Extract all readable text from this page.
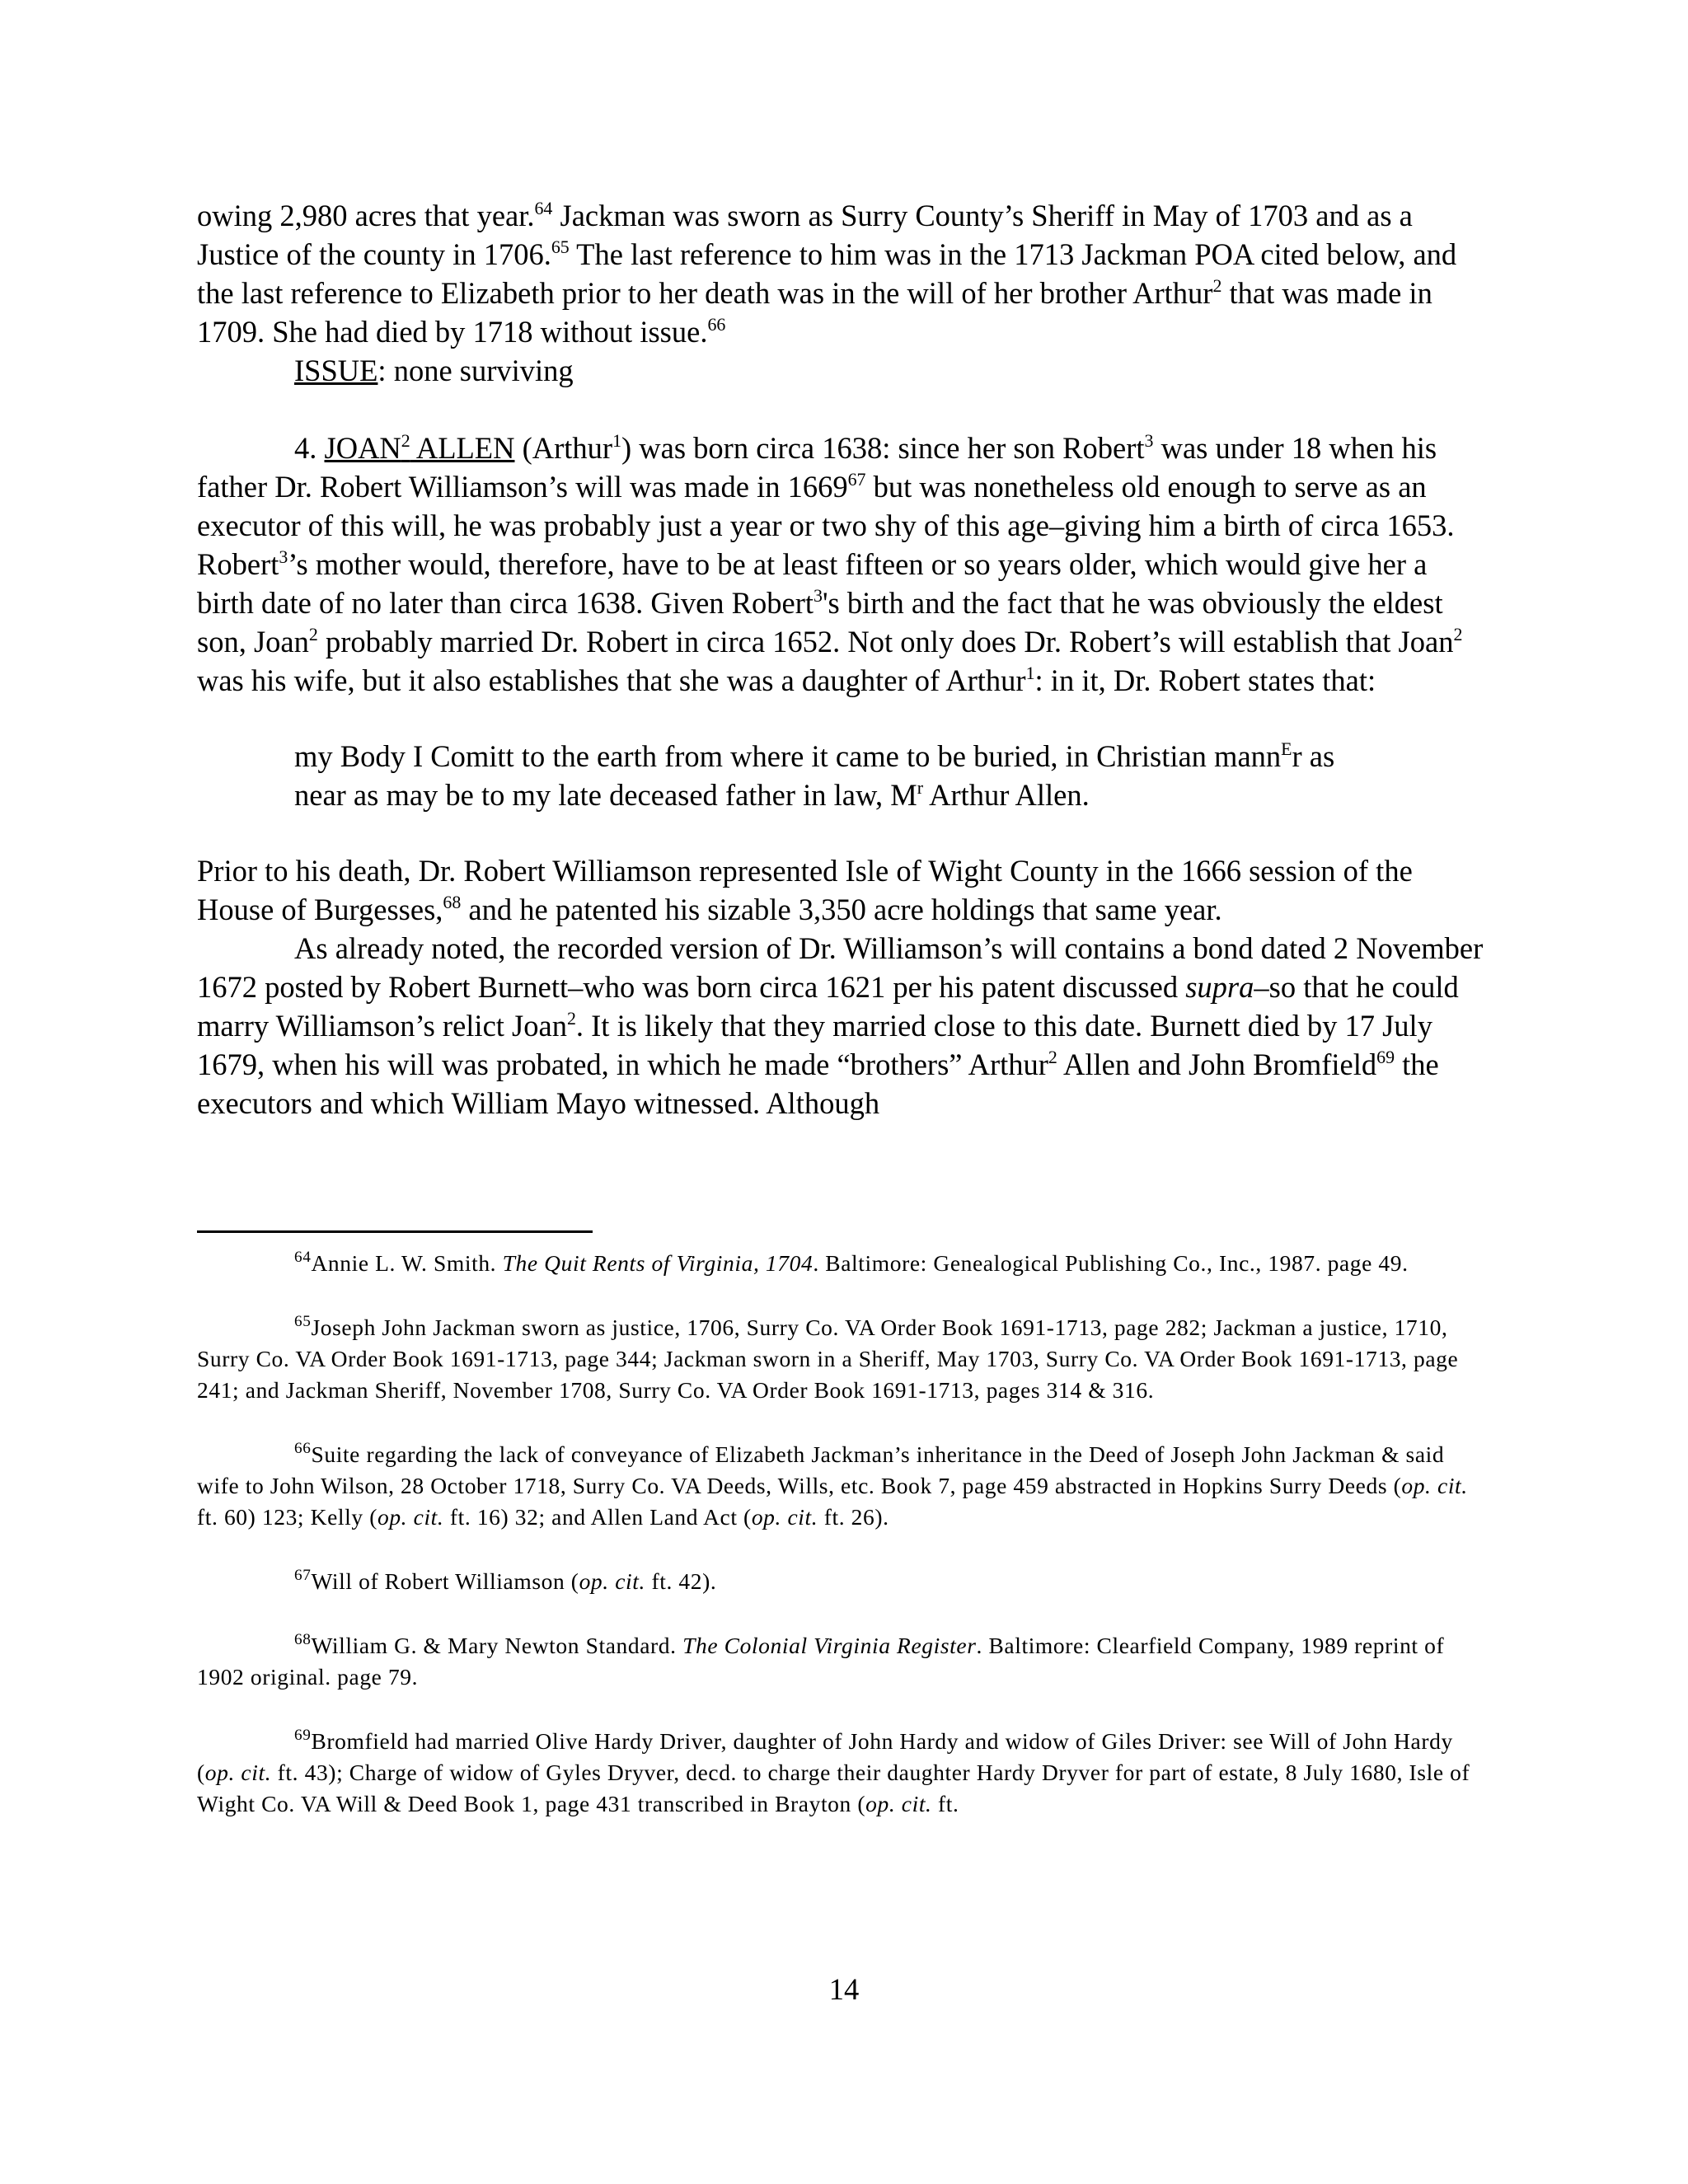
owing 2,980 acres that year.$^{64}$ Jackman was sworn as Surry County’s Sheriff in May of 1703 and as a Justice of the county in 1706.65 The last reference to him was in the 1713 Jackman POA cited below, and the last reference to Elizabeth prior to her death was in the will of her brother Arthur$^2$ that was made in 1709. She had died by 1718 without issue.$^{66}$

ISSUE: none surviving

4. JOAN$^2$ ALLEN (Arthur$^1$) was born circa 1638: since her son Robert$^3$ was under 18 when his father Dr. Robert Williamson’s will was made in 1669$^{67}$ but was nonetheless old enough to serve as an executor of this will, he was probably just a year or two shy of this age–giving him a birth of circa 1653. Robert$^3$’s mother would, therefore, have to be at least fifteen or so years older, which would give her a birth date of no later than circa 1638. Given Robert$^3$'s birth and the fact that he was obviously the eldest son, Joan$^2$ probably married Dr. Robert in circa 1652. Not only does Dr. Robert’s will establish that Joan$^2$ was his wife, but it also establishes that she was a daughter of Arthur$^1$: in it, Dr. Robert states that:

my Body I Comitt to the earth from where it came to be buried, in Christian mann$^E$r as near as may be to my late deceased father in law, $M^r$ Arthur Allen.

Prior to his death, Dr. Robert Williamson represented Isle of Wight County in the 1666 session of the House of Burgesses,$^{68}$ and he patented his sizable 3,350 acre holdings that same year.

As already noted, the recorded version of Dr. Williamson’s will contains a bond dated 2 November 1672 posted by Robert Burnett–who was born circa 1621 per his patent discussed supra–so that he could marry Williamson’s relict Joan$^2$. It is likely that they married close to this date. Burnett died by 17 July 1679, when his will was probated, in which he made “brothers” Arthur$^2$ Allen and John Bromfield$^{69}$ the executors and which William Mayo witnessed. Although

$^{64}$Annie L. W. Smith. The Quit Rents of Virginia, 1704. Baltimore: Genealogical Publishing Co., Inc., 1987. page 49.

$^{65}$Joseph John Jackman sworn as justice, 1706, Surry Co. VA Order Book 1691-1713, page 282; Jackman a justice, 1710, Surry Co. VA Order Book 1691-1713, page 344; Jackman sworn in a Sheriff, May 1703, Surry Co. VA Order Book 1691-1713, page 241; and Jackman Sheriff, November 1708, Surry Co. VA Order Book 1691-1713, pages 314 & 316.

$^{66}$Suite regarding the lack of conveyance of Elizabeth Jackman’s inheritance in the Deed of Joseph John Jackman & said wife to John Wilson, 28 October 1718, Surry Co. VA Deeds, Wills, etc. Book 7, page 459 abstracted in Hopkins Surry Deeds (op. cit. ft. 60) 123; Kelly (op. cit. ft. 16) 32; and Allen Land Act (op. cit. ft. 26).

$^{67}$Will of Robert Williamson (op. cit. ft. 42).

$^{68}$William G. & Mary Newton Standard. The Colonial Virginia Register. Baltimore: Clearfield Company, 1989 reprint of 1902 original. page 79.

$^{69}$Bromfield had married Olive Hardy Driver, daughter of John Hardy and widow of Giles Driver: see Will of John Hardy (op. cit. ft. 43); Charge of widow of Gyles Dryver, decd. to charge their daughter Hardy Dryver for part of estate, 8 July 1680, Isle of Wight Co. VA Will & Deed Book 1, page 431 transcribed in Brayton (op. cit. ft.

14
